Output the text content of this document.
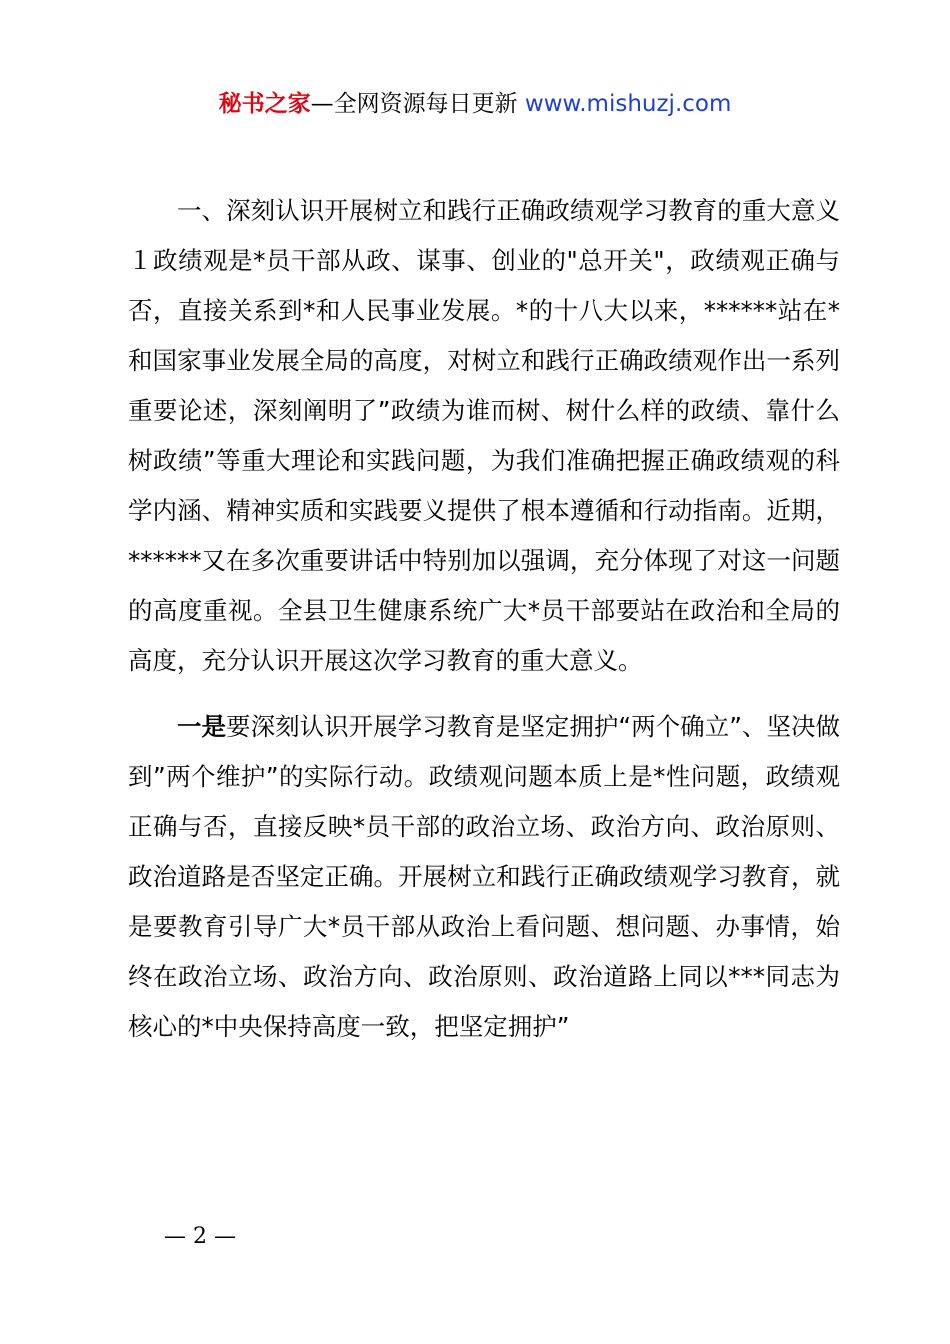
秘书之家—全网资源每日更新 www.mishuzj.com

一、深刻认识开展树立和践行正确政绩观学习教育的重大意义１政绩观是*员干部从政、谋事、创业的"总开关"，政绩观正确与否，直接关系到*和人民事业发展。*的十八大以来，******站在*和国家事业发展全局的高度，对树立和践行正确政绩观作出一系列重要论述，深刻阐明了”政绩为谁而树、树什么样的政绩、靠什么树政绩”等重大理论和实践问题，为我们准确把握正确政绩观的科学内涵、精神实质和实践要义提供了根本遵循和行动指南。近期，******又在多次重要讲话中特别加以强调，充分体现了对这一问题的高度重视。全县卫生健康系统广大*员干部要站在政治和全局的高度，充分认识开展这次学习教育的重大意义。

一是要深刻认识开展学习教育是坚定拥护“两个确立”、坚决做到”两个维护”的实际行动。政绩观问题本质上是*性问题，政绩观正确与否，直接反映*员干部的政治立场、政治方向、政治原则、政治道路是否坚定正确。开展树立和践行正确政绩观学习教育，就是要教育引导广大*员干部从政治上看问题、想问题、办事情，始终在政治立场、政治方向、政治原则、政治道路上同以***同志为核心的*中央保持高度一致，把坚定拥护”

— 2 —
